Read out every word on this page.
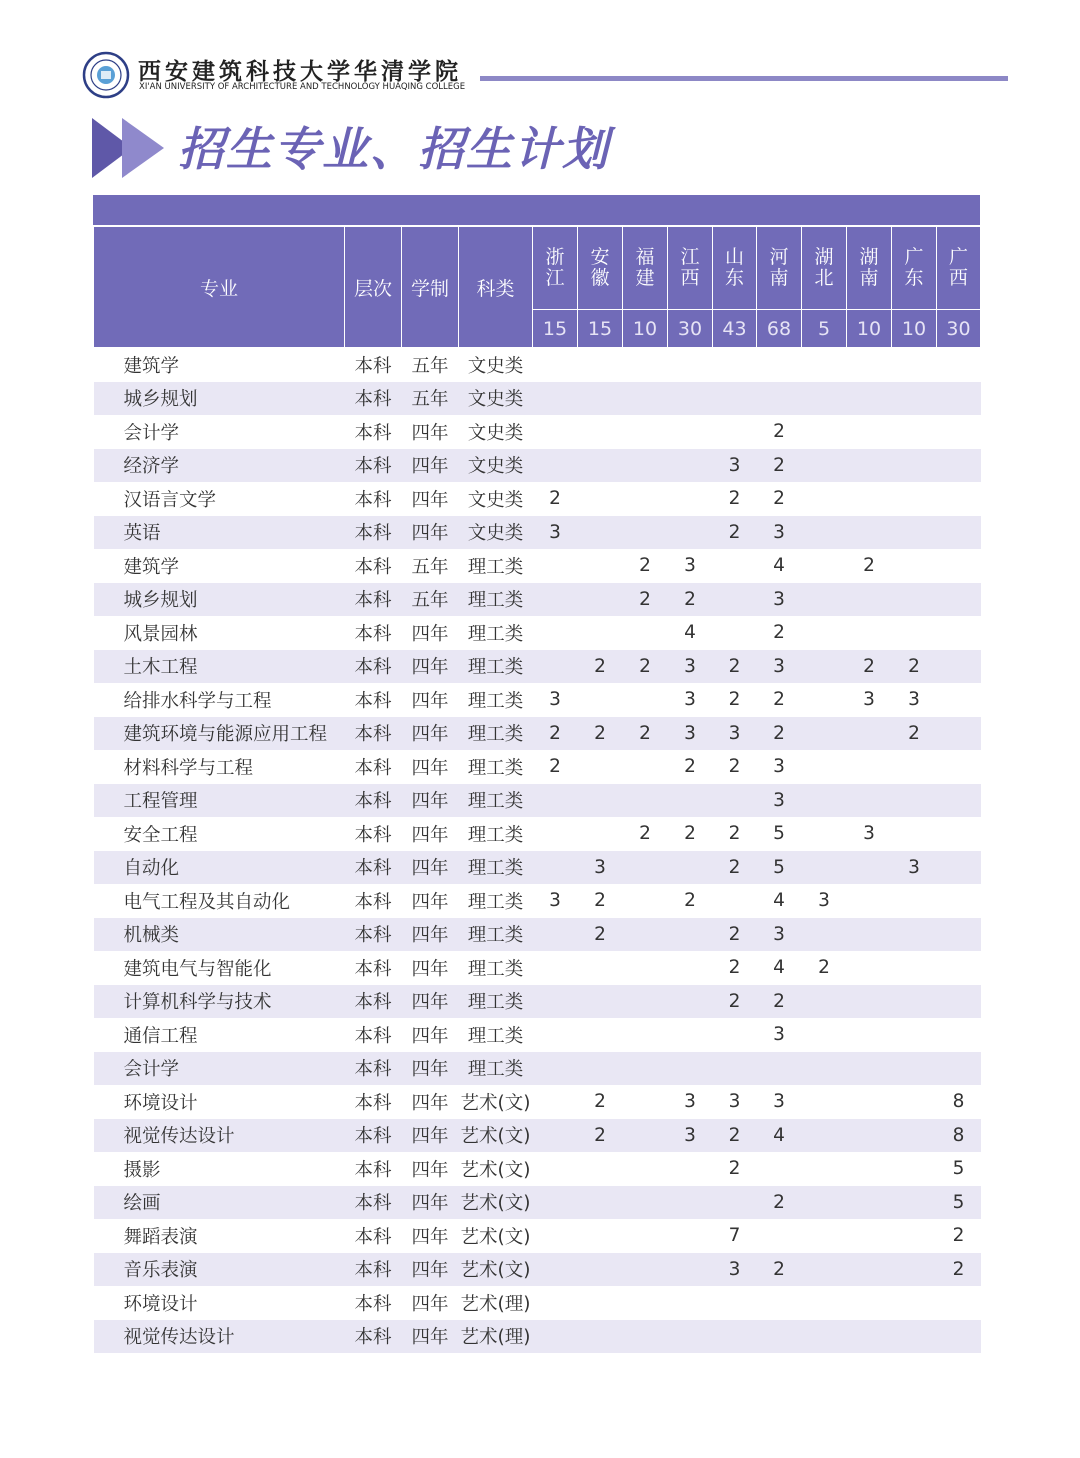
西安建筑科技大学华清学院
XI'AN UNIVERSITY OF ARCHITECTURE AND TECHNOLOGY HUAQING COLLEGE
招生专业、招生计划
专业	层次	学制	科类	浙江	安徽	福建	江西	山东	河南	湖北	湖南	广东	广西
				15	15	10	30	43	68	5	10	10	30
建筑学	本科	五年	文史类										
城乡规划	本科	五年	文史类										
会计学	本科	四年	文史类						2				
经济学	本科	四年	文史类					3	2				
汉语言文学	本科	四年	文史类	2				2	2				
英语	本科	四年	文史类	3				2	3				
建筑学	本科	五年	理工类			2	3		4		2		
城乡规划	本科	五年	理工类			2	2		3				
风景园林	本科	四年	理工类				4		2				
土木工程	本科	四年	理工类		2	2	3	2	3		2	2	
给排水科学与工程	本科	四年	理工类	3			3	2	2		3	3	
建筑环境与能源应用工程	本科	四年	理工类	2	2	2	3	3	2			2	
材料科学与工程	本科	四年	理工类	2			2	2	3				
工程管理	本科	四年	理工类						3				
安全工程	本科	四年	理工类			2	2	2	5		3		
自动化	本科	四年	理工类		3			2	5			3	
电气工程及其自动化	本科	四年	理工类	3	2		2		4	3			
机械类	本科	四年	理工类		2			2	3				
建筑电气与智能化	本科	四年	理工类					2	4	2			
计算机科学与技术	本科	四年	理工类					2	2				
通信工程	本科	四年	理工类						3				
会计学	本科	四年	理工类										
环境设计	本科	四年	艺术(文)		2		3	3	3				8
视觉传达设计	本科	四年	艺术(文)		2		3	2	4				8
摄影	本科	四年	艺术(文)					2					5
绘画	本科	四年	艺术(文)						2				5
舞蹈表演	本科	四年	艺术(文)					7					2
音乐表演	本科	四年	艺术(文)					3	2				2
环境设计	本科	四年	艺术(理)										
视觉传达设计	本科	四年	艺术(理)										
